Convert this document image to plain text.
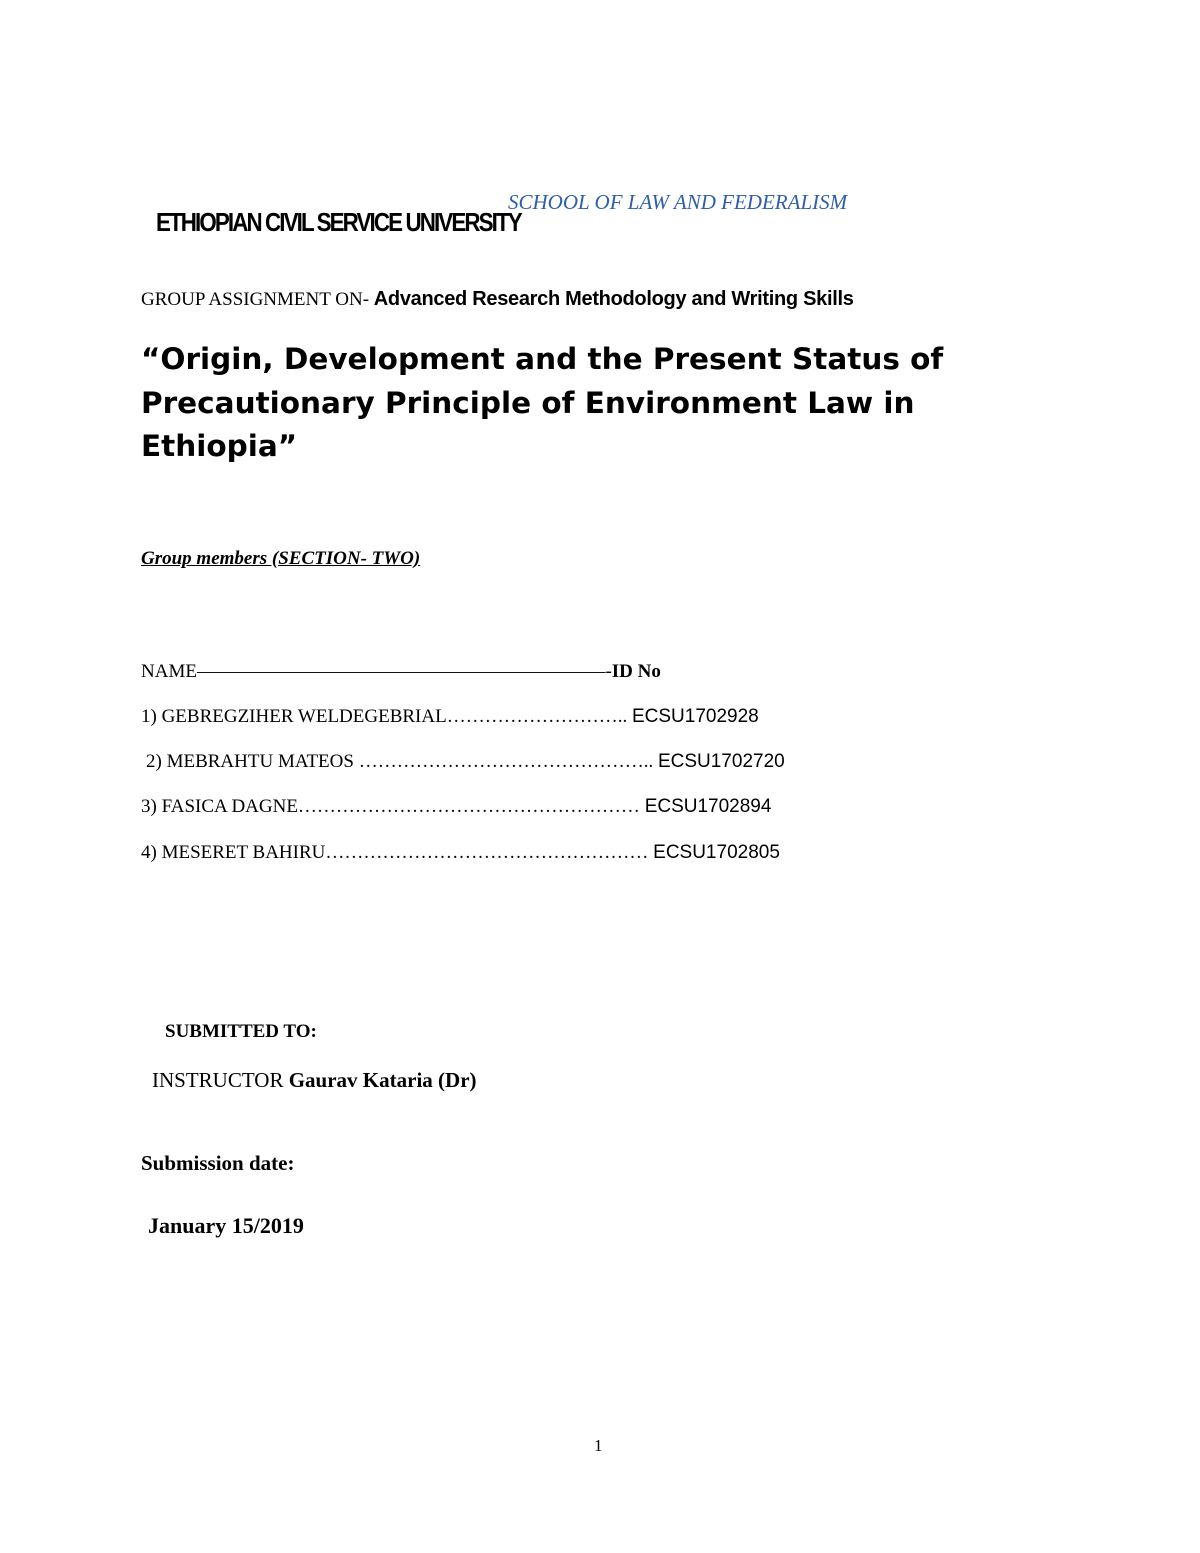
ETHIOPIAN CIVIL SERVICE UNIVERSITY
SCHOOL OF LAW AND FEDERALISM
GROUP ASSIGNMENT ON- Advanced Research Methodology and Writing Skills
“Origin, Development and the Present Status of Precautionary Principle of Environment Law in Ethiopia”
Group members (SECTION- TWO)
NAME–––––––––––––––––––––––––––––––––––––––––––-ID No
1) GEBREGZIHER WELDEGEBRIAL……………………….. ECSU1702928
2) MEBRAHTU MATEOS ……………………………………….. ECSU1702720
3) FASICA DAGNE……………………………………………… ECSU1702894
4) MESERET BAHIRU…………………………………………… ECSU1702805
SUBMITTED TO:
INSTRUCTOR Gaurav Kataria (Dr)
Submission date:
January 15/2019
1
